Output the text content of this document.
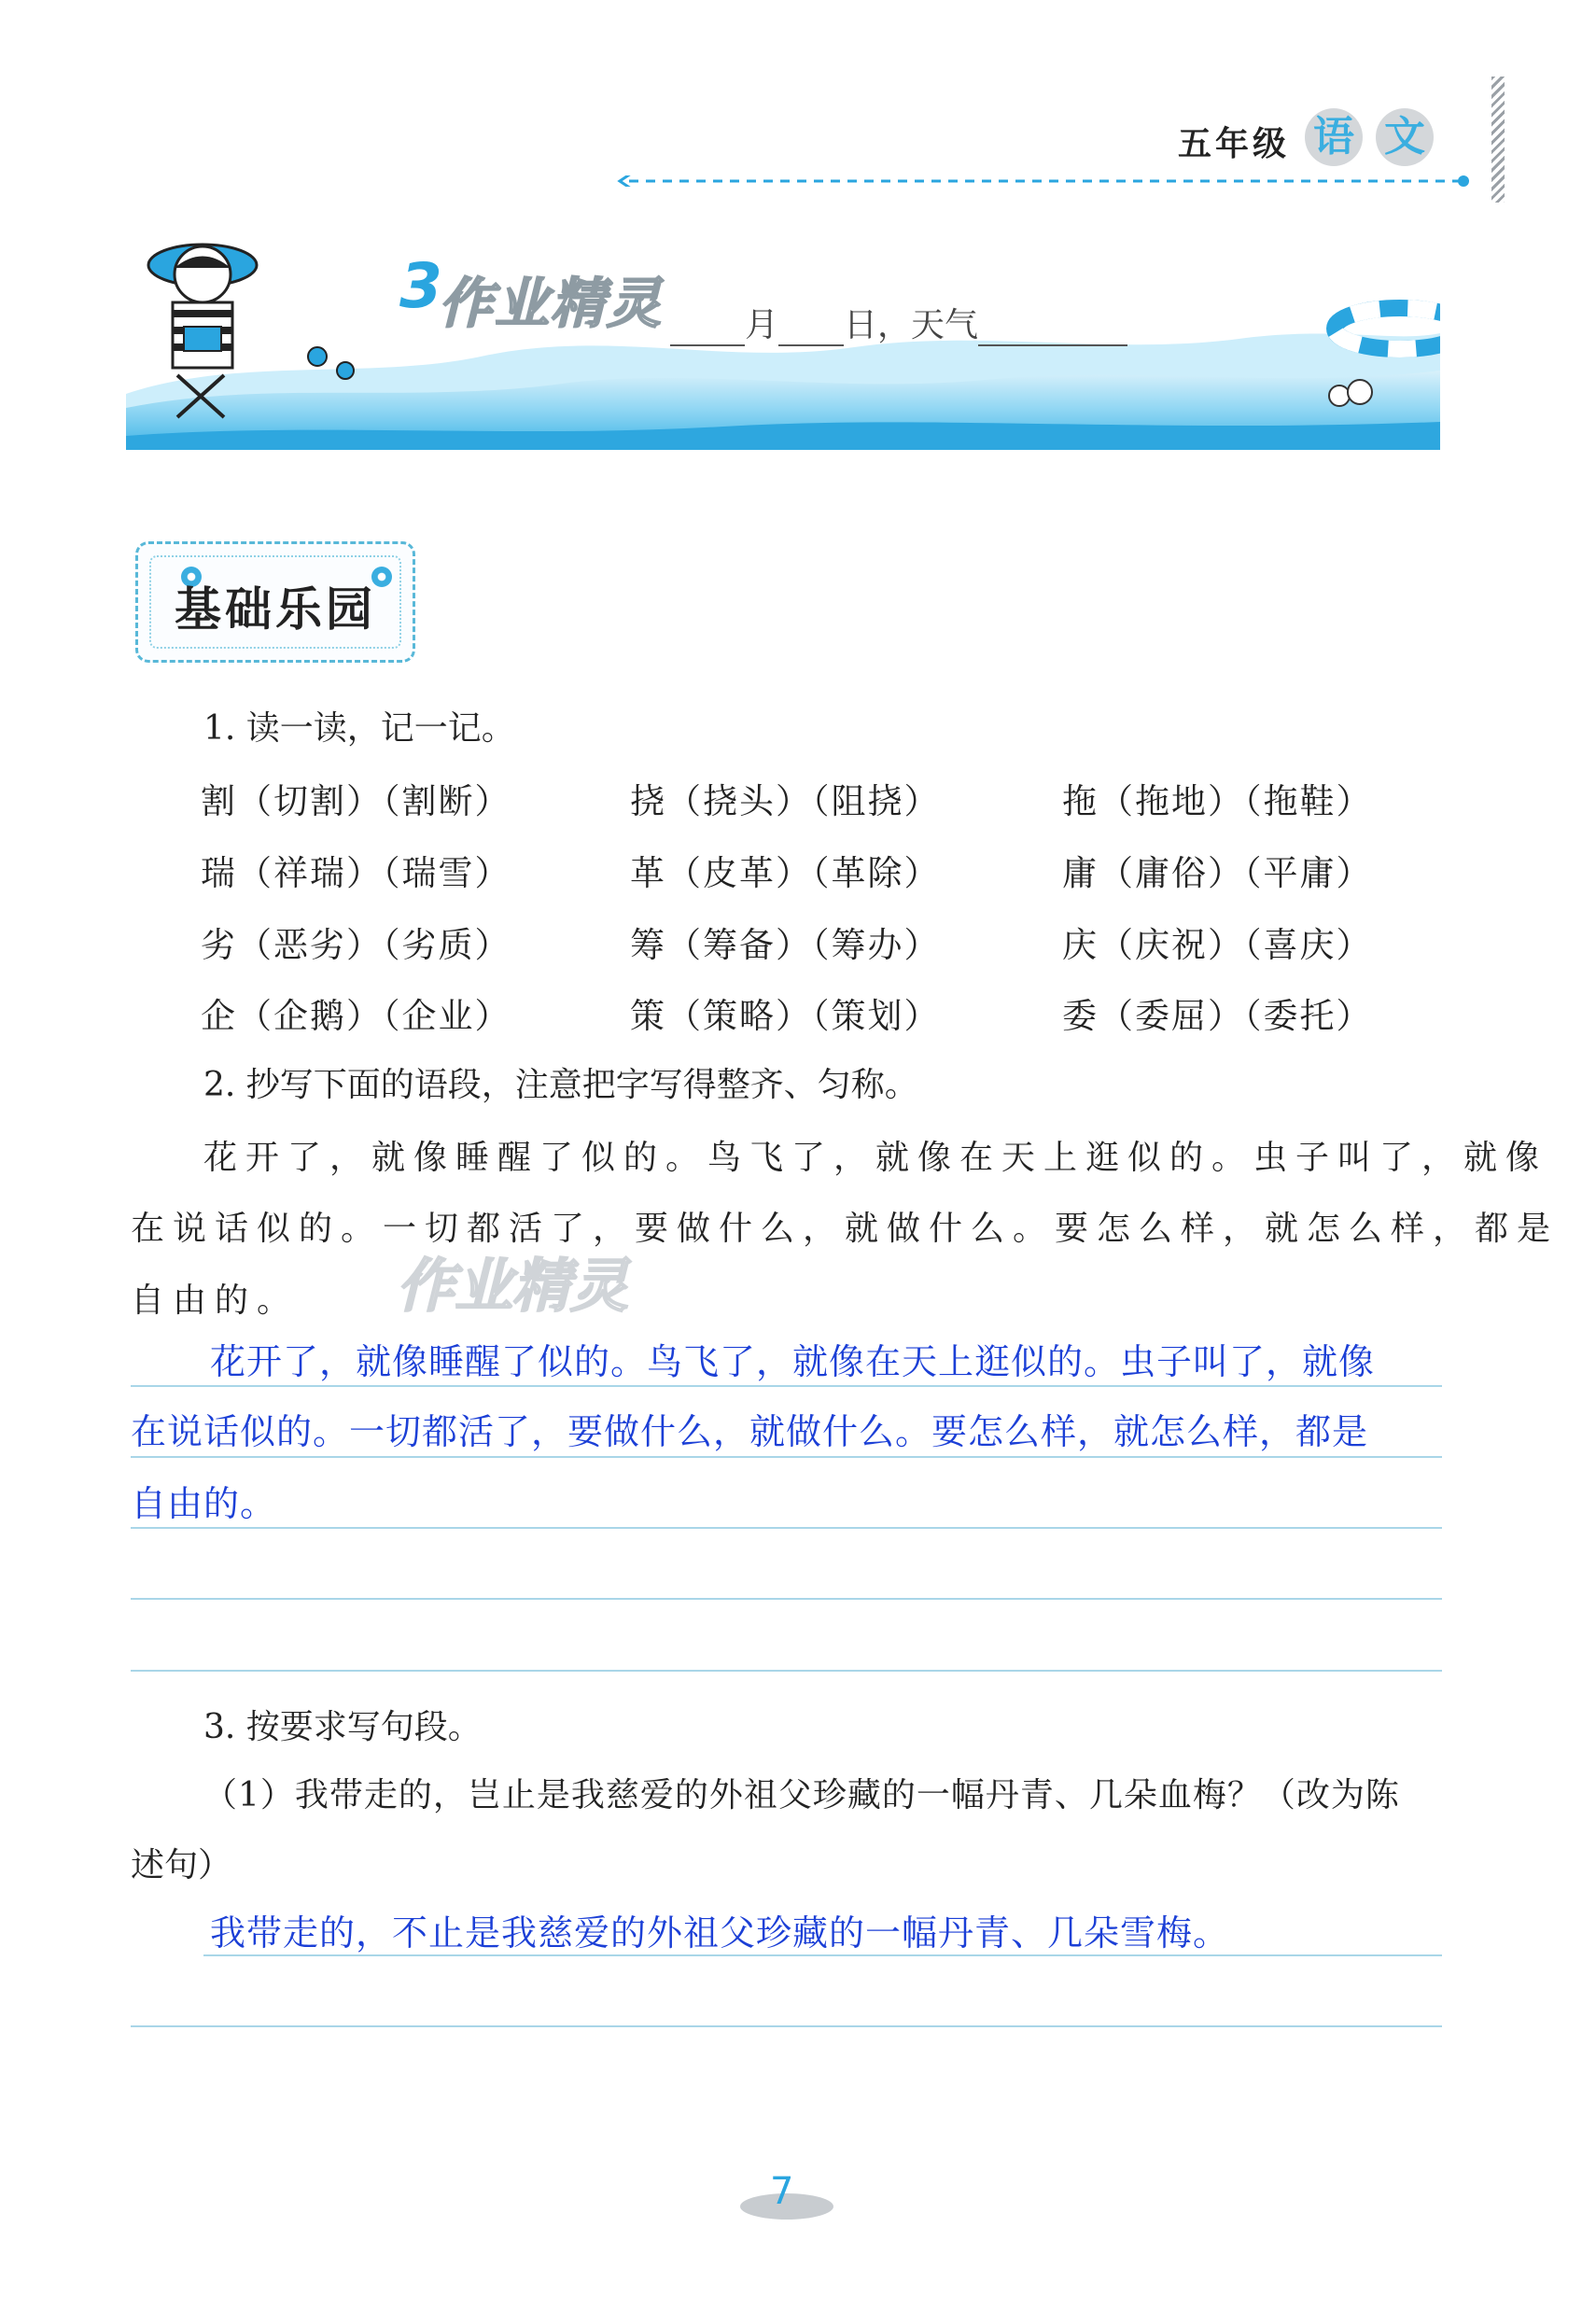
五年级 语 文
3
作业精灵	月 日，天气
基础乐园
1. 读一读，记一记。
割（切割）（割断）	挠（挠头）（阻挠）	拖（拖地）（拖鞋）
瑞（祥瑞）（瑞雪）	革（皮革）（革除）	庸（庸俗）（平庸）
劣（恶劣）（劣质）	筹（筹备）（筹办）	庆（庆祝）（喜庆）
企（企鹅）（企业）	策（策略）（策划）	委（委屈）（委托）
2. 抄写下面的语段，注意把字写得整齐、匀称。
花开了，就像睡醒了似的。鸟飞了，就像在天上逛似的。虫子叫了，就像
在说话似的。一切都活了，要做什么，就做什么。要怎么样，就怎么样，都是
自由的。 作业精灵
花开了，就像睡醒了似的。鸟飞了，就像在天上逛似的。虫子叫了，就像
在说话似的。一切都活了，要做什么，就做什么。要怎么样，就怎么样，都是
自由的。
3. 按要求写句段。
（1）我带走的，岂止是我慈爱的外祖父珍藏的一幅丹青、几朵血梅？（改为陈
述句）
我带走的，不止是我慈爱的外祖父珍藏的一幅丹青、几朵雪梅。
7
